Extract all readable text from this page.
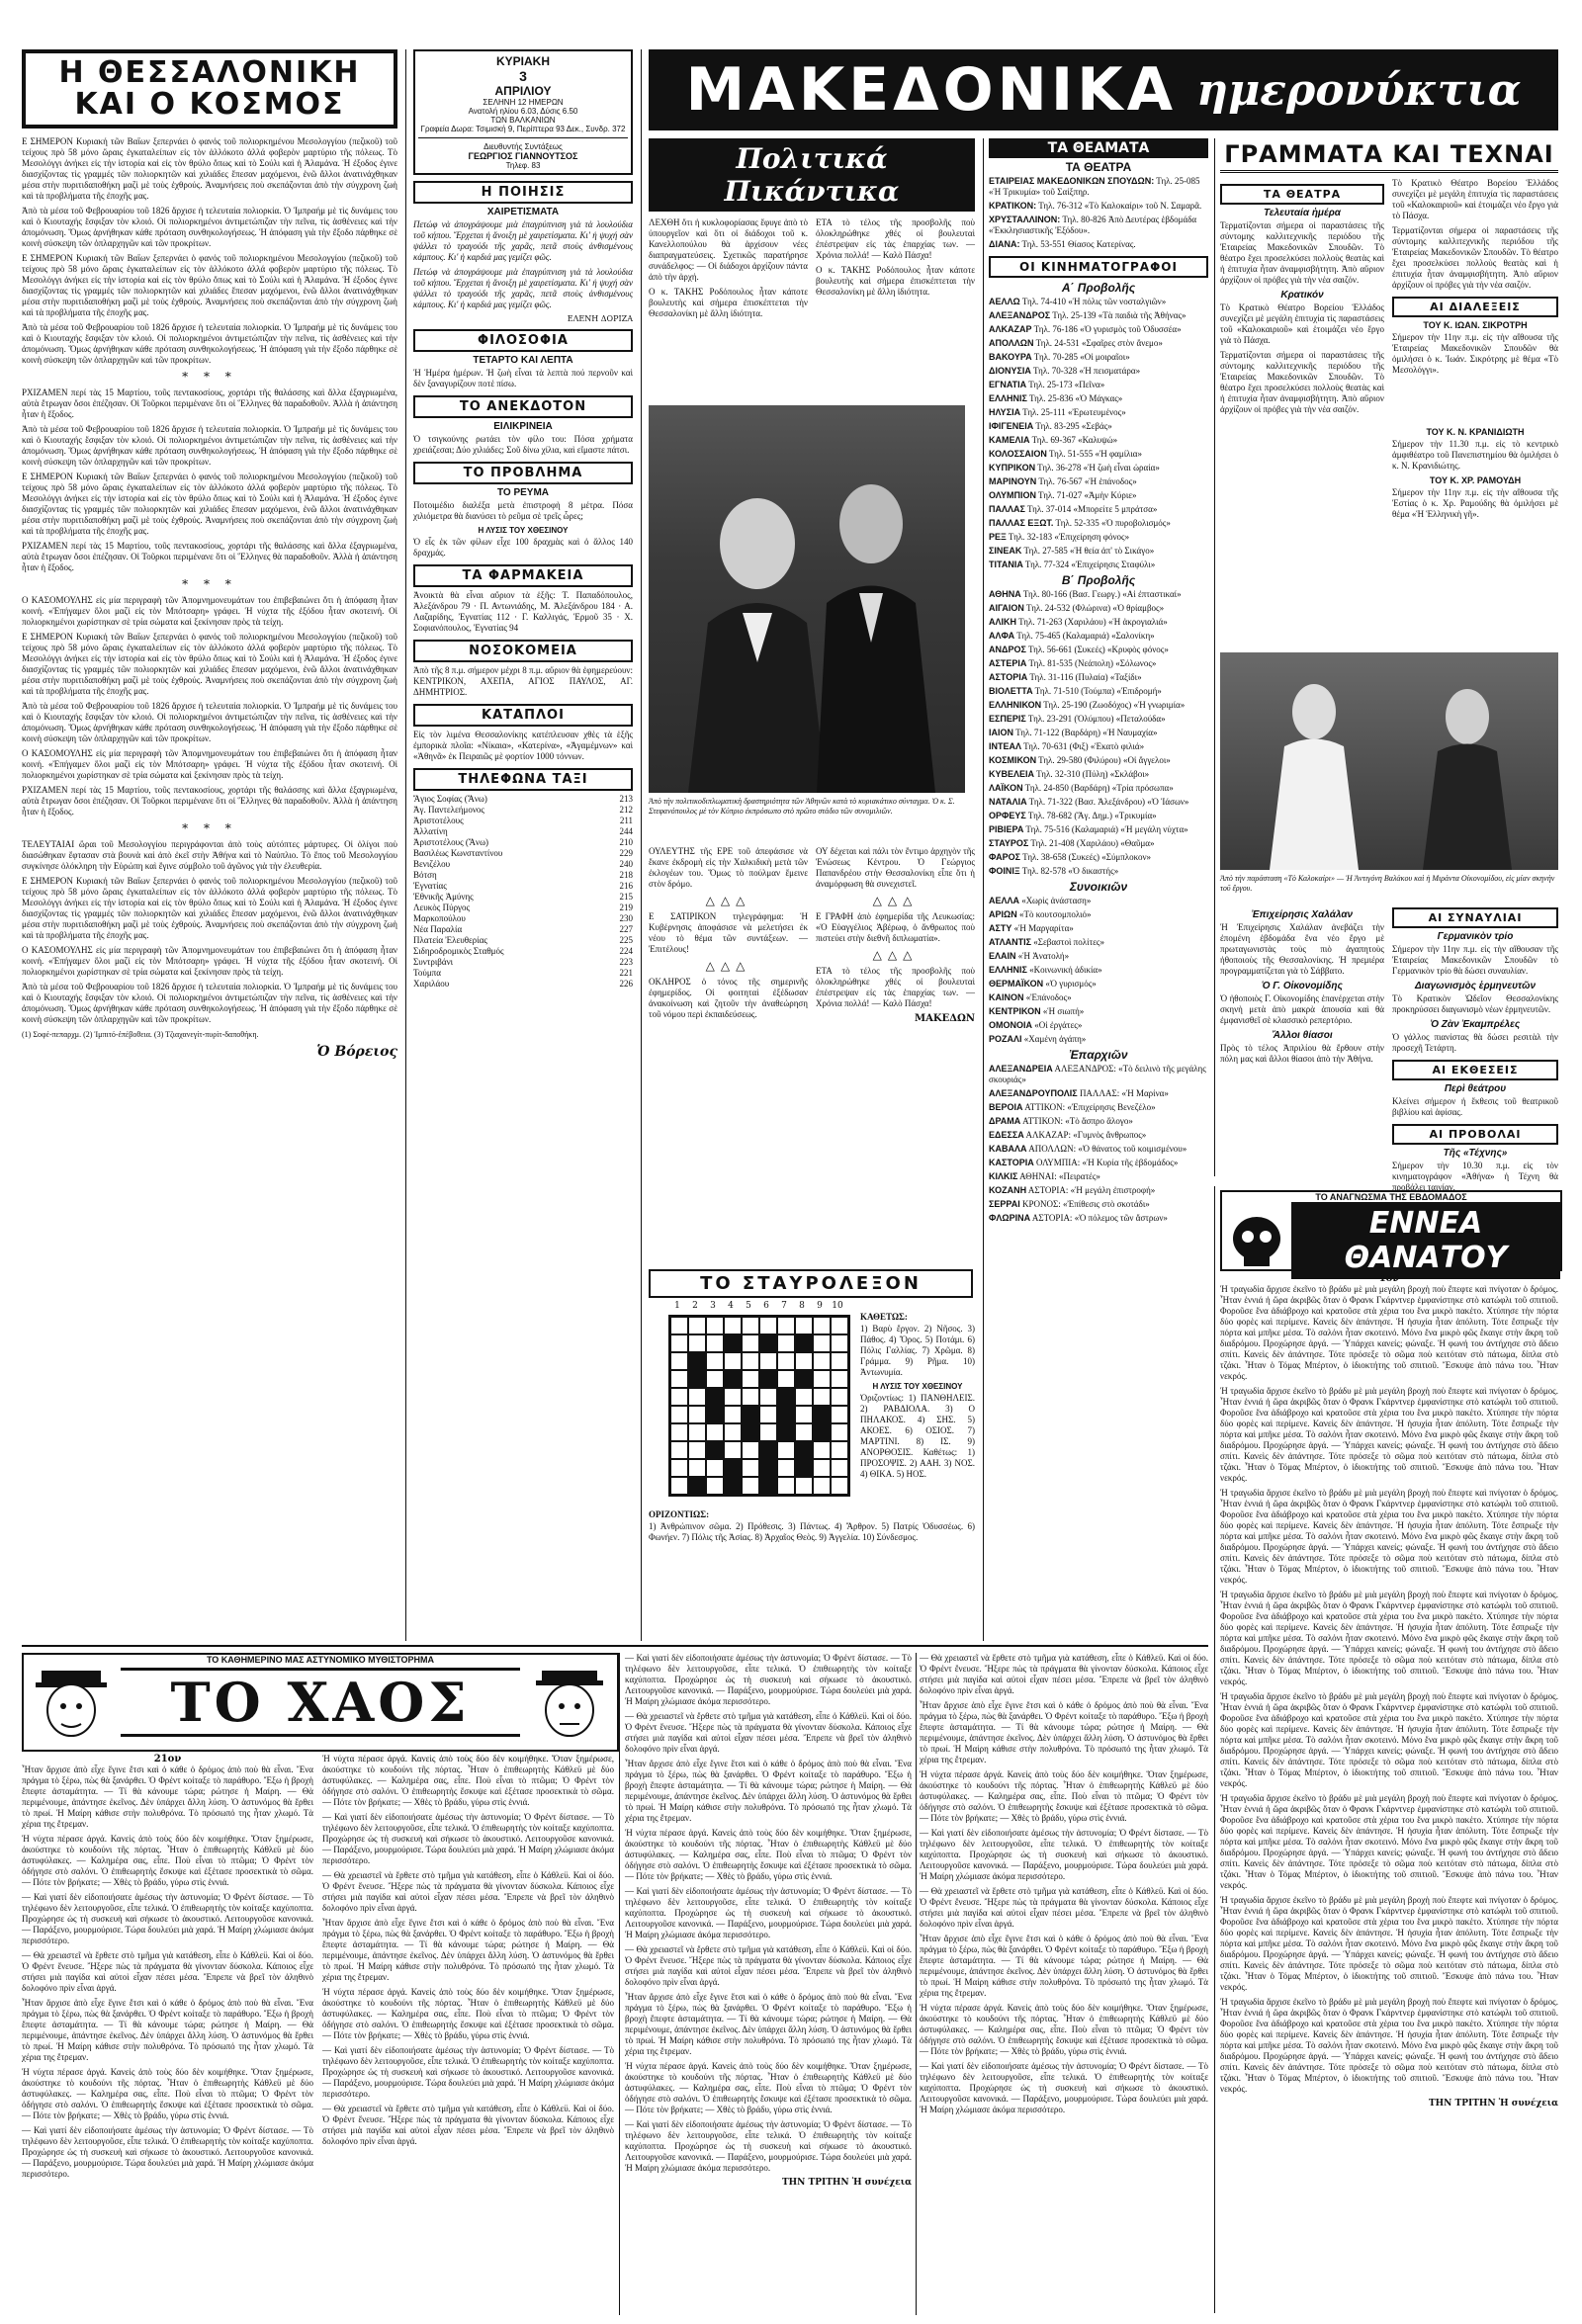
Η ΘΕΣΣΑΛΟΝΙΚΗ
ΚΑΙ Ο ΚΟΣΜΟΣ

Ε ΣΗΜΕΡΟΝ Κυριακή τῶν Βαΐων ξεπερνάει ὁ φανός τοῦ πολιορκημένου Μεσολογγίου (πεζικοῦ) τοῦ τείχους πρὸ 58 μόνο ὥραις ἐγκαταλείπων εἰς τὸν ἀλλόκοτο ἀλλά φοβερὸν μαρτύριο τῆς πόλεως. Τὸ Μεσολόγγι ἀνήκει εἰς τὴν ἱστορία καὶ εἰς τὸν θρύλο ὅπως καὶ τὸ Σούλι καὶ ἡ Ἀλαμάνα. Ἡ ἐξοδος ἐγινε διασχίζοντας τὶς γραμμές τῶν πολιορκητῶν καὶ χιλιάδες ἔπεσαν μαχόμενοι, ἐνῶ ἄλλοι ἀνατινάχθηκαν μέσα στὴν πυριτιδαποθήκη μαζὶ μὲ τοὺς ἐχθρούς. Ἀναμνήσεις ποὺ σκεπάζονται ἀπὸ τὴν σύγχρονη ζωὴ καὶ τὰ προβλήματα τῆς ἐποχῆς μας.

Ἀπὸ τὰ μέσα τοῦ Φεβρουαρίου τοῦ 1826 ἄρχισε ἡ τελευταία πολιορκία. Ὁ Ἰμπραήμ μὲ τὶς δυνάμεις του καὶ ὁ Κιουταχής ἔσφιξαν τὸν κλοιό. Οἱ πολιορκημένοι ἀντιμετώπιζαν τὴν πεῖνα, τὶς ἀσθένειες καὶ τὴν ἀπομόνωση. Ὅμως ἀρνήθηκαν κάθε πρόταση συνθηκολογήσεως. Ἡ ἀπόφαση γιὰ τὴν ἔξοδο πάρθηκε σὲ κοινὴ σύσκεψη τῶν ὁπλαρχηγῶν καὶ τῶν προκρίτων.

Ε ΣΗΜΕΡΟΝ Κυριακή τῶν Βαΐων ξεπερνάει ὁ φανός τοῦ πολιορκημένου Μεσολογγίου (πεζικοῦ) τοῦ τείχους πρὸ 58 μόνο ὥραις ἐγκαταλείπων εἰς τὸν ἀλλόκοτο ἀλλά φοβερὸν μαρτύριο τῆς πόλεως. Τὸ Μεσολόγγι ἀνήκει εἰς τὴν ἱστορία καὶ εἰς τὸν θρύλο ὅπως καὶ τὸ Σούλι καὶ ἡ Ἀλαμάνα. Ἡ ἐξοδος ἐγινε διασχίζοντας τὶς γραμμές τῶν πολιορκητῶν καὶ χιλιάδες ἔπεσαν μαχόμενοι, ἐνῶ ἄλλοι ἀνατινάχθηκαν μέσα στὴν πυριτιδαποθήκη μαζὶ μὲ τοὺς ἐχθρούς. Ἀναμνήσεις ποὺ σκεπάζονται ἀπὸ τὴν σύγχρονη ζωὴ καὶ τὰ προβλήματα τῆς ἐποχῆς μας.

Ἀπὸ τὰ μέσα τοῦ Φεβρουαρίου τοῦ 1826 ἄρχισε ἡ τελευταία πολιορκία. Ὁ Ἰμπραήμ μὲ τὶς δυνάμεις του καὶ ὁ Κιουταχής ἔσφιξαν τὸν κλοιό. Οἱ πολιορκημένοι ἀντιμετώπιζαν τὴν πεῖνα, τὶς ἀσθένειες καὶ τὴν ἀπομόνωση. Ὅμως ἀρνήθηκαν κάθε πρόταση συνθηκολογήσεως. Ἡ ἀπόφαση γιὰ τὴν ἔξοδο πάρθηκε σὲ κοινὴ σύσκεψη τῶν ὁπλαρχηγῶν καὶ τῶν προκρίτων.

* * *

ΡΧΙΖΑΜΕΝ περί τὰς 15 Μαρτίου, τοῦς πεντακοσίους, χορτάρι τῆς θαλάσσης καὶ ἄλλα ἐξαγριωμένα, αὐτὰ ἔτρωγαν ὅσοι ἐπέζησαν. Οἱ Τοῦρκοι περιμένανε ὅτι οἱ Ἕλληνες θὰ παραδοθοῦν. Ἀλλὰ ἡ ἀπάντηση ἦταν ἡ ἔξοδος.

Ἀπὸ τὰ μέσα τοῦ Φεβρουαρίου τοῦ 1826 ἄρχισε ἡ τελευταία πολιορκία. Ὁ Ἰμπραήμ μὲ τὶς δυνάμεις του καὶ ὁ Κιουταχής ἔσφιξαν τὸν κλοιό. Οἱ πολιορκημένοι ἀντιμετώπιζαν τὴν πεῖνα, τὶς ἀσθένειες καὶ τὴν ἀπομόνωση. Ὅμως ἀρνήθηκαν κάθε πρόταση συνθηκολογήσεως. Ἡ ἀπόφαση γιὰ τὴν ἔξοδο πάρθηκε σὲ κοινὴ σύσκεψη τῶν ὁπλαρχηγῶν καὶ τῶν προκρίτων.

Ε ΣΗΜΕΡΟΝ Κυριακή τῶν Βαΐων ξεπερνάει ὁ φανός τοῦ πολιορκημένου Μεσολογγίου (πεζικοῦ) τοῦ τείχους πρὸ 58 μόνο ὥραις ἐγκαταλείπων εἰς τὸν ἀλλόκοτο ἀλλά φοβερὸν μαρτύριο τῆς πόλεως. Τὸ Μεσολόγγι ἀνήκει εἰς τὴν ἱστορία καὶ εἰς τὸν θρύλο ὅπως καὶ τὸ Σούλι καὶ ἡ Ἀλαμάνα. Ἡ ἐξοδος ἐγινε διασχίζοντας τὶς γραμμές τῶν πολιορκητῶν καὶ χιλιάδες ἔπεσαν μαχόμενοι, ἐνῶ ἄλλοι ἀνατινάχθηκαν μέσα στὴν πυριτιδαποθήκη μαζὶ μὲ τοὺς ἐχθρούς. Ἀναμνήσεις ποὺ σκεπάζονται ἀπὸ τὴν σύγχρονη ζωὴ καὶ τὰ προβλήματα τῆς ἐποχῆς μας.

ΡΧΙΖΑΜΕΝ περί τὰς 15 Μαρτίου, τοῦς πεντακοσίους, χορτάρι τῆς θαλάσσης καὶ ἄλλα ἐξαγριωμένα, αὐτὰ ἔτρωγαν ὅσοι ἐπέζησαν. Οἱ Τοῦρκοι περιμένανε ὅτι οἱ Ἕλληνες θὰ παραδοθοῦν. Ἀλλὰ ἡ ἀπάντηση ἦταν ἡ ἔξοδος.

* * *

Ο ΚΑΣΟΜΟΥΛΗΣ εἰς μία περιγραφὴ τῶν Ἀπομνημονευμάτων του ἐπιβεβαιώνει ὅτι ἡ ἀπόφαση ἦταν κοινή. «Ἐπήγαμεν ὅλοι μαζὶ εἰς τὸν Μπότσαρη» γράφει. Ἡ νύχτα τῆς ἐξόδου ἦταν σκοτεινή. Οἱ πολιορκημένοι χωρίστηκαν σὲ τρία σώματα καὶ ξεκίνησαν πρὸς τὰ τείχη.

Ε ΣΗΜΕΡΟΝ Κυριακή τῶν Βαΐων ξεπερνάει ὁ φανός τοῦ πολιορκημένου Μεσολογγίου (πεζικοῦ) τοῦ τείχους πρὸ 58 μόνο ὥραις ἐγκαταλείπων εἰς τὸν ἀλλόκοτο ἀλλά φοβερὸν μαρτύριο τῆς πόλεως. Τὸ Μεσολόγγι ἀνήκει εἰς τὴν ἱστορία καὶ εἰς τὸν θρύλο ὅπως καὶ τὸ Σούλι καὶ ἡ Ἀλαμάνα. Ἡ ἐξοδος ἐγινε διασχίζοντας τὶς γραμμές τῶν πολιορκητῶν καὶ χιλιάδες ἔπεσαν μαχόμενοι, ἐνῶ ἄλλοι ἀνατινάχθηκαν μέσα στὴν πυριτιδαποθήκη μαζὶ μὲ τοὺς ἐχθρούς. Ἀναμνήσεις ποὺ σκεπάζονται ἀπὸ τὴν σύγχρονη ζωὴ καὶ τὰ προβλήματα τῆς ἐποχῆς μας.

Ἀπὸ τὰ μέσα τοῦ Φεβρουαρίου τοῦ 1826 ἄρχισε ἡ τελευταία πολιορκία. Ὁ Ἰμπραήμ μὲ τὶς δυνάμεις του καὶ ὁ Κιουταχής ἔσφιξαν τὸν κλοιό. Οἱ πολιορκημένοι ἀντιμετώπιζαν τὴν πεῖνα, τὶς ἀσθένειες καὶ τὴν ἀπομόνωση. Ὅμως ἀρνήθηκαν κάθε πρόταση συνθηκολογήσεως. Ἡ ἀπόφαση γιὰ τὴν ἔξοδο πάρθηκε σὲ κοινὴ σύσκεψη τῶν ὁπλαρχηγῶν καὶ τῶν προκρίτων.

Ο ΚΑΣΟΜΟΥΛΗΣ εἰς μία περιγραφὴ τῶν Ἀπομνημονευμάτων του ἐπιβεβαιώνει ὅτι ἡ ἀπόφαση ἦταν κοινή. «Ἐπήγαμεν ὅλοι μαζὶ εἰς τὸν Μπότσαρη» γράφει. Ἡ νύχτα τῆς ἐξόδου ἦταν σκοτεινή. Οἱ πολιορκημένοι χωρίστηκαν σὲ τρία σώματα καὶ ξεκίνησαν πρὸς τὰ τείχη.

ΡΧΙΖΑΜΕΝ περί τὰς 15 Μαρτίου, τοῦς πεντακοσίους, χορτάρι τῆς θαλάσσης καὶ ἄλλα ἐξαγριωμένα, αὐτὰ ἔτρωγαν ὅσοι ἐπέζησαν. Οἱ Τοῦρκοι περιμένανε ὅτι οἱ Ἕλληνες θὰ παραδοθοῦν. Ἀλλὰ ἡ ἀπάντηση ἦταν ἡ ἔξοδος.

* * *

ΤΕΛΕΥΤΑΙΑΙ ὥραι τοῦ Μεσολογγίου περιγράφονται ἀπὸ τοὺς αὐτόπτες μάρτυρες. Οἱ ὀλίγοι ποὺ διασώθηκαν ἔφτασαν στὰ βουνὰ καὶ ἀπὸ ἐκεῖ στὴν Ἀθήνα καὶ τὸ Ναύπλιο. Τὸ ἔπος τοῦ Μεσολογγίου συγκίνησε ὁλόκληρη τὴν Εὐρώπη καὶ ἔγινε σύμβολο τοῦ ἀγῶνος γιὰ τὴν ἐλευθερία.

Ε ΣΗΜΕΡΟΝ Κυριακή τῶν Βαΐων ξεπερνάει ὁ φανός τοῦ πολιορκημένου Μεσολογγίου (πεζικοῦ) τοῦ τείχους πρὸ 58 μόνο ὥραις ἐγκαταλείπων εἰς τὸν ἀλλόκοτο ἀλλά φοβερὸν μαρτύριο τῆς πόλεως. Τὸ Μεσολόγγι ἀνήκει εἰς τὴν ἱστορία καὶ εἰς τὸν θρύλο ὅπως καὶ τὸ Σούλι καὶ ἡ Ἀλαμάνα. Ἡ ἐξοδος ἐγινε διασχίζοντας τὶς γραμμές τῶν πολιορκητῶν καὶ χιλιάδες ἔπεσαν μαχόμενοι, ἐνῶ ἄλλοι ἀνατινάχθηκαν μέσα στὴν πυριτιδαποθήκη μαζὶ μὲ τοὺς ἐχθρούς. Ἀναμνήσεις ποὺ σκεπάζονται ἀπὸ τὴν σύγχρονη ζωὴ καὶ τὰ προβλήματα τῆς ἐποχῆς μας.

Ο ΚΑΣΟΜΟΥΛΗΣ εἰς μία περιγραφὴ τῶν Ἀπομνημονευμάτων του ἐπιβεβαιώνει ὅτι ἡ ἀπόφαση ἦταν κοινή. «Ἐπήγαμεν ὅλοι μαζὶ εἰς τὸν Μπότσαρη» γράφει. Ἡ νύχτα τῆς ἐξόδου ἦταν σκοτεινή. Οἱ πολιορκημένοι χωρίστηκαν σὲ τρία σώματα καὶ ξεκίνησαν πρὸς τὰ τείχη.

Ἀπὸ τὰ μέσα τοῦ Φεβρουαρίου τοῦ 1826 ἄρχισε ἡ τελευταία πολιορκία. Ὁ Ἰμπραήμ μὲ τὶς δυνάμεις του καὶ ὁ Κιουταχής ἔσφιξαν τὸν κλοιό. Οἱ πολιορκημένοι ἀντιμετώπιζαν τὴν πεῖνα, τὶς ἀσθένειες καὶ τὴν ἀπομόνωση. Ὅμως ἀρνήθηκαν κάθε πρόταση συνθηκολογήσεως. Ἡ ἀπόφαση γιὰ τὴν ἔξοδο πάρθηκε σὲ κοινὴ σύσκεψη τῶν ὁπλαρχηγῶν καὶ τῶν προκρίτων.

(1) Σοφέ-πεπαρχμ. (2) Ἱμπιτό-ἐπέβοθεια. (3) Τζιαχανεγίτ-πυρὶτ-δαποθήκη.

Ὁ Βόρειος
ΚΥΡΙΑΚΗ
3
ΑΠΡΙΛΙΟΥ
ΣΕΛΗΝΗ 12 ΗΜΕΡΩΝ
Ανατολή ηλίου 6.03, Δύσις 6.50
ΤΩΝ ΒΑΛΚΑΝΙΩΝ
Γραφεία Δωρα: Τσιμισκή 9, Περίπτερα 93 Δεκ., Συνδρ. 372
Διευθυντής Συντάξεως
ΓΕΩΡΓΙΟΣ ΓΙΑΝΝΟΥΤΣΟΣ
Τηλεφ. 83
Η ΠΟΙΗΣΙΣ
ΧΑΙΡΕΤΙΣΜΑΤΑ

Πετώφ νὰ ἀπογράψουμε μιὰ ἐπαγρύπνιση γιὰ τὰ λουλούδια τοῦ κήπου. Ἔρχεται ἡ ἄνοιξη μὲ χαιρετίσματα. Κι' ἡ ψυχή σὰν ψάλλει τὸ τραγούδι τῆς χαρᾶς, πετᾶ στοὺς ἀνθισμένους κάμπους. Κι' ἡ καρδιά μας γεμίζει φῶς.

Πετώφ νὰ ἀπογράψουμε μιὰ ἐπαγρύπνιση γιὰ τὰ λουλούδια τοῦ κήπου. Ἔρχεται ἡ ἄνοιξη μὲ χαιρετίσματα. Κι' ἡ ψυχή σὰν ψάλλει τὸ τραγούδι τῆς χαρᾶς, πετᾶ στοὺς ἀνθισμένους κάμπους. Κι' ἡ καρδιά μας γεμίζει φῶς.

ΕΛΕΝΗ ΔΟΡΙΖΑ
ΦΙΛΟΣΟΦΙΑ
ΤΕΤΑΡΤΟ ΚΑΙ ΛΕΠΤΑ

Ἡ Ἡμέρα ἡμέρων. Ἡ ζωὴ εἶναι τὰ λεπτὰ πού περνοῦν καὶ δὲν ξαναγυρίζουν ποτέ πίσω.

ΤΟ ΑΝΕΚΔΟΤΟΝ
ΕΙΛΙΚΡΙΝΕΙΑ

Ὁ τσιγκούνης ρωτάει τὸν φίλο του: Πόσα χρήματα χρειάζεσαι; Δύο χιλιάδες; Σοῦ δίνω χίλια, καὶ εἴμαστε πάτσι.

ΤΟ ΠΡΟΒΛΗΜΑ
ΤΟ ΡΕΥΜΑ

Ποτοιμέδιο διαλέξα μετὰ ἐπιστροφὴ 8 μέτρα. Πόσα χιλιόμετρα θὰ διανύσει τὸ ρεῦμα σὲ τρεῖς ὧρες;

Η ΛΥΣΙΣ ΤΟΥ ΧΘΕΣΙΝΟΥ

Ὁ εἷς ἐκ τῶν φίλων εἶχε 100 δραχμὰς καὶ ὁ ἄλλος 140 δραχμάς.

ΤΑ ΦΑΡΜΑΚΕΙΑ

Ἀνοικτὰ θὰ εἶναι αὔριον τὰ ἑξῆς: Τ. Παπαδόπουλος, Ἀλεξάνδρου 79 · Π. Αντωνιάδης, Μ. Ἀλεξάνδρου 184 · Α. Λαζαρίδης, Ἐγνατίας 112 · Γ. Καλλιγάς, Ἑρμοῦ 35 · Χ. Σοφιανόπουλος, Ἐγνατίας 94

ΝΟΣΟΚΟΜΕΙΑ

Ἀπὸ τῆς 8 π.μ. σήμερον μέχρι 8 π.μ. αὔριον θὰ ἐφημερεύουν: ΚΕΝΤΡΙΚΟΝ, ΑΧΕΠΑ, ΑΓΙΟΣ ΠΑΥΛΟΣ, ΑΓ. ΔΗΜΗΤΡΙΟΣ.

ΚΑΤΑΠΛΟΙ

Εἰς τὸν λιμένα Θεσσαλονίκης κατέπλευσαν χθὲς τὰ ἑξῆς ἐμπορικὰ πλοῖα: «Νίκαια», «Κατερίνα», «Ἀγαμέμνων» καὶ «Ἀθηνᾶ» ἐκ Πειραιῶς μὲ φορτίον 1000 τόννων.

ΤΗΛΕΦΩΝΑ ΤΑΞΙ
Ἅγιος Σοφίας (Ἄνω)	213
Ἀγ. Παντελεήμονος	212
Ἀριστοτέλους	211
Ἀλλατίνη	244
Ἀριστοτέλους (Ἄνω)	210
Βασιλέως Κωνσταντίνου	229
Βενιζέλου	240
Βότση	218
Ἐγνατίας	216
Ἐθνικῆς Ἀμύνης	215
Λευκὸς Πύργος	219
Μαρκοπούλου	230
Νέα Παραλία	227
Πλατεία Ἐλευθερίας	225
Σιδηροδρομικὸς Σταθμός	224
Συντριβάνι	223
Τούμπα	221
Χαριλάου	226
ΜΑΚΕΔΟΝΙΚΑ ημερονύκτια
Πολιτικά Πικάντικα

ΛΕΧΘΗ ὅτι ἡ κυκλοφορίασας ἔφυγε ἀπὸ τὸ ὑπουργεῖον καὶ ὅτι οἱ διάδοχοι τοῦ κ. Κανελλοπούλου θὰ ἀρχίσουν νέες διαπραγματεύσεις. Σχετικῶς παρατήρησε συνάδελφος: — Οἱ διάδοχοι ἀρχίζουν πάντα ἀπὸ τὴν ἀρχή.

Ο κ. ΤΑΚΗΣ Ροδόπουλος ἦταν κάποτε βουλευτὴς καὶ σήμερα ἐπισκέπτεται τὴν Θεσσαλονίκη μὲ ἄλλη ἰδιότητα.

ΕΤΑ τὸ τέλος τῆς προσβολῆς ποὺ ὁλοκληρώθηκε χθές οἱ βουλευταὶ ἐπέστρεψαν εἰς τὰς ἐπαρχίας των. — Χρόνια πολλά! — Καλὸ Πάσχα!

Ο κ. ΤΑΚΗΣ Ροδόπουλος ἦταν κάποτε βουλευτὴς καὶ σήμερα ἐπισκέπτεται τὴν Θεσσαλονίκη μὲ ἄλλη ἰδιότητα.

Ἀπὸ τὴν πολιτικοδιπλωματικὴ δραστηριότητα τῶν Ἀθηνῶν κατὰ τὸ κυριακάτικο σύνταγμα. Ὁ κ. Σ. Στεφανόπουλος μὲ τὸν Κύπριο ἐκπρόσωπο στὸ πρῶτο στάδιο τῶν συνομιλιῶν.

ΟΥΛΕΥΤΗΣ τῆς ΕΡΕ τοῦ ἀπεφάσισε νὰ ἔκανε ἐκδρομὴ εἰς τὴν Χαλκιδικὴ μετὰ τῶν ἐκλογέων του. Ὅμως τὸ πούλμαν ἔμεινε στὸν δρόμο.

△△△

Ε ΣΑΤΙΡΙΚΟΝ τηλεγράφημα: Ἡ Κυβέρνησις ἀποφάσισε νὰ μελετήσει ἐκ νέου τὸ θέμα τῶν συντάξεων. — Ἐπιτέλους!

△△△

ΟΚΛΗΡΟΣ ὁ τόνος τῆς σημερινῆς ἐφημερίδος. Οἱ φοιτηταὶ ἐξέδωσαν ἀνακοίνωση καὶ ζητοῦν τὴν ἀναθεώρηση τοῦ νόμου περὶ ἐκπαιδεύσεως.

ΟΥ δέχεται καὶ πάλι τὸν ἔντιμο ἀρχηγὸν τῆς Ἑνώσεως Κέντρου. Ὁ Γεώργιος Παπανδρέου στὴν Θεσσαλονίκη εἶπε ὅτι ἡ ἀναμόρφωση θὰ συνεχιστεῖ.

△△△

Ε ΓΡΑΦΗ ἀπὸ ἐφημερίδα τῆς Λευκωσίας: «Ὁ Εὐαγγέλιος Ἀβέρωφ, ὁ ἄνθρωπος ποὺ πιστεύει στὴν διεθνῆ διπλωματία».

△△△

ΕΤΑ τὸ τέλος τῆς προσβολῆς ποὺ ὁλοκληρώθηκε χθές οἱ βουλευταὶ ἐπέστρεψαν εἰς τὰς ἐπαρχίας των. — Χρόνια πολλά! — Καλὸ Πάσχα!

ΜΑΚΕΔΩΝ
ΤΟ ΣΤΑΥΡΟΛΕΞΟΝ
1	2	3	4	5	6	7	8	9	10
ΟΡΙΖΟΝΤΙΩΣ:

1) Ἀνθρώπινον σῶμα. 2) Πρόθεσις. 3) Πάντως. 4) Ἄρθρον. 5) Πατρίς Ὀδυσσέως. 6) Φωνήεν. 7) Πόλις τῆς Ἀσίας. 8) Ἀρχαῖος Θεὸς. 9) Ἀγγελία. 10) Σύνδεσμος.

ΚΑΘΕΤΩΣ:

1) Βαρὺ ἔργον. 2) Νῆσος. 3) Πάθος. 4) Ὄρος. 5) Ποτάμι. 6) Πόλις Γαλλίας. 7) Χρῶμα. 8) Γράμμα. 9) Ρῆμα. 10) Ἀντωνυμία.

Η ΛΥΣΙΣ ΤΟΥ ΧΘΕΣΙΝΟΥ

Ὁριζοντίως: 1) ΠΑΝΘΗΛΕΙΣ. 2) ΡΑΒΔΙΟΛΑ. 3) Ο ΠΗΛΑΚΟΣ. 4) ΣΗΣ. 5) ΑΚΟΕΣ. 6) ΟΣΙΟΣ. 7) ΜΑΡΤΙΝΙ. 8) ΙΣ. 9) ΑΝΟΡΘΟΣΙΣ. Καθέτως: 1) ΠΡΟΣΟΨΙΣ. 2) ΑΑΗ. 3) ΝΟΣ. 4) ΘΙΚΑ. 5) ΗΟΣ.

ΤΑ ΘΕΑΜΑΤΑ
ΤΑ ΘΕΑΤΡΑ

ΕΤΑΙΡΕΙΑΣ ΜΑΚΕΔΟΝΙΚΩΝ ΣΠΟΥΔΩΝ: Τηλ. 25-085 «Ἡ Τρικυμία» τοῦ Σαίξπηρ.

ΚΡΑΤΙΚΟΝ: Τηλ. 76-312 «Τὸ Καλοκαίρι» τοῦ Ν. Σαμαρᾶ.

ΧΡΥΣΤΑΛΛΙΝΟΝ: Τηλ. 80-826 Ἀπὸ Δευτέρας ἑβδομάδα «Ἐκκλησιαστικῆς Ἐξόδου».

ΔΙΑΝΑ: Τηλ. 53-551 Θίασος Κατερίνας.

ΟΙ ΚΙΝΗΜΑΤΟΓΡΑΦΟΙ
Α΄ Προβολῆς

ΑΕΛΛΩ Τηλ. 74-410 «Ἡ πόλις τῶν νοσταλγιῶν»

ΑΛΕΞΑΝΔΡΟΣ Τηλ. 25-139 «Τὰ παιδιὰ τῆς Ἀθήνας»

ΑΛΚΑΖΑΡ Τηλ. 76-186 «Ὁ γυρισμὸς τοῦ Ὀδυσσέα»

ΑΠΟΛΛΩΝ Τηλ. 24-531 «Σφαῖρες στὸν ἄνεμο»

ΒΑΚΟΥΡΑ Τηλ. 70-285 «Οἱ μοιραῖοι»

ΔΙΟΝΥΣΙΑ Τηλ. 70-328 «Ἡ πεισματάρα»

ΕΓΝΑΤΙΑ Τηλ. 25-173 «Πεῖνα»

ΕΛΛΗΝΙΣ Τηλ. 25-836 «Ὁ Μάγκας»

ΗΛΥΣΙΑ Τηλ. 25-111 «Ἐρωτευμένος»

ΙΦΙΓΕΝΕΙΑ Τηλ. 83-295 «Σεβάς»

ΚΑΜΕΛΙΑ Τηλ. 69-367 «Καλυψώ»

ΚΟΛΟΣΣΑΙΟΝ Τηλ. 51-555 «Ἡ φαμίλια»

ΚΥΠΡΙΚΟΝ Τηλ. 36-278 «Ἡ ζωὴ εἶναι ὡραία»

ΜΑΡΙΝΟΥΝ Τηλ. 76-567 «Ἡ ἐπάνοδος»

ΟΛΥΜΠΙΟΝ Τηλ. 71-027 «Ἀμὴν Κύριε»

ΠΑΛΛΑΣ Τηλ. 37-014 «Μπορείτε 5 μπράτσα»

ΠΑΛΛΑΣ ΕΞΩΤ. Τηλ. 52-335 «Ὁ πυροβολισμός»

ΡΕΞ Τηλ. 32-183 «Ἐπιχείρηση φόνος»

ΣΙΝΕΑΚ Τηλ. 27-585 «Ἡ θεία ἀπ' τὸ Σικάγο»

ΤΙΤΑΝΙΑ Τηλ. 77-324 «Ἐπιχείρησις Σταφύλι»

Β΄ Προβολῆς

ΑΘΗΝΑ Τηλ. 80-166 (Βασ. Γεωργ.) «Αἱ ἐπταστικαί»

ΑΙΓΑΙΟΝ Τηλ. 24-532 (Φλώρινα) «Ὁ θρίαμβος»

ΑΛΙΚΗ Τηλ. 71-263 (Χαριλάου) «Ἡ ἀκρογιαλιά»

ΑΛΦΑ Τηλ. 75-465 (Καλαμαριά) «Σαλονίκη»

ΑΝΔΡΟΣ Τηλ. 56-661 (Συκεές) «Κρυφὸς φόνος»

ΑΣΤΕΡΙΑ Τηλ. 81-535 (Νεάπολη) «Σόλωνος»

ΑΣΤΟΡΙΑ Τηλ. 31-116 (Πυλαία) «Ταξίδι»

ΒΙΟΛΕΤΤΑ Τηλ. 71-510 (Τούμπα) «Ἐπιδρομή»

ΕΛΛΗΝΙΚΟΝ Τηλ. 25-190 (Ζωοδόχος) «Ἡ γνωριμία»

ΕΣΠΕΡΙΣ Τηλ. 23-291 (Ὀλύμπου) «Πεταλούδα»

ΙΑΙΟΝ Τηλ. 71-122 (Βαρδάρη) «Ἡ Ναυμαχία»

ΙΝΤΕΑΛ Τηλ. 70-631 (Φιξ) «Ἑκατὸ φιλιά»

ΚΟΣΜΙΚΟΝ Τηλ. 29-580 (Φιλύρου) «Οἱ ἄγγελοι»

ΚΥΒΕΛΕΙΑ Τηλ. 32-310 (Πύλη) «Σκλάβοι»

ΛΑΪΚΟΝ Τηλ. 24-850 (Βαρδάρη) «Τρία πρόσωπα»

ΝΑΤΑΛΙΑ Τηλ. 71-322 (Βασ. Ἀλεξάνδρου) «Ὁ Ἰάσων»

ΟΡΦΕΥΣ Τηλ. 78-682 (Ἅγ. Δημ.) «Τρικυμία»

ΡΙΒΙΕΡΑ Τηλ. 75-516 (Καλαμαριά) «Ἡ μεγάλη νύχτα»

ΣΤΑΥΡΟΣ Τηλ. 21-408 (Χαριλάου) «Θαῦμα»

ΦΑΡΟΣ Τηλ. 38-658 (Συκεές) «Σύμπλοκον»

ΦΟΙΝΙΞ Τηλ. 82-578 «Ὁ δικαστής»

Συνοικιῶν

ΑΕΛΛΑ «Χωρὶς ἀνάσταση»

ΑΡΙΩΝ «Τὸ κουτσομπολιό»

ΑΣΤΥ «Ἡ Μαργαρίτα»

ΑΤΛΑΝΤΙΣ «Σεβαστοὶ πολίτες»

ΕΛΑΙΝ «Ἡ Ἀνατολή»

ΕΛΛΗΝΙΣ «Κοινωνική ἀδικία»

ΘΕΡΜΑΪΚΟΝ «Ὁ γυρισμός»

ΚΑΙΝΟΝ «Ἐπάνοδος»

ΚΕΝΤΡΙΚΟΝ «Ἡ σιωπή»

ΟΜΟΝΟΙΑ «Οἱ ἐργάτες»

ΡΟΖΑΛΙ «Χαμένη ἀγάπη»

Ἐπαρχιῶν

ΑΛΕΞΑΝΔΡΕΙΑ ΑΛΕΞΑΝΔΡΟΣ: «Τὸ δειλινὸ τῆς μεγάλης σκουριάς»

ΑΛΕΞΑΝΔΡΟΥΠΟΛΙΣ ΠΑΛΛΑΣ: «Ἡ Μαρίνα»

ΒΕΡΟΙΑ ΑΤΤΙΚΟΝ: «Ἐπιχείρησις Βενεζέλο»

ΔΡΑΜΑ ΑΤΤΙΚΟΝ: «Τὸ ἄσπρο ἄλογο»

ΕΔΕΣΣΑ ΑΛΚΑΖΑΡ: «Γυμνὸς ἄνθρωπος»

ΚΑΒΑΛΑ ΑΠΟΛΛΩΝ: «Ὁ θάνατος τοῦ κοιμισμένου»

ΚΑΣΤΟΡΙΑ ΟΛΥΜΠΙΑ: «Ἡ Κυρία τῆς ἑβδομάδος»

ΚΙΛΚΙΣ ΑΘΗΝΑΙ: «Πειρατές»

ΚΟΖΑΝΗ ΑΣΤΟΡΙΑ: «Ἡ μεγάλη ἐπιστροφή»

ΣΕΡΡΑΙ ΚΡΟΝΟΣ: «Ἐπίθεσις στὸ σκοτάδι»

ΦΛΩΡΙΝΑ ΑΣΤΟΡΙΑ: «Ὁ πόλεμος τῶν ἄστρων»

ΓΡΑΜΜΑΤΑ ΚΑΙ ΤΕΧΝΑΙ
ΤΑ ΘΕΑΤΡΑ
Τελευταία ἡμέρα

Τερματίζονται σήμερα οἱ παραστάσεις τῆς σύντομης καλλιτεχνικῆς περιόδου τῆς Ἑταιρείας Μακεδονικῶν Σπουδῶν. Τὸ θέατρο ἔχει προσελκύσει πολλοὺς θεατὰς καὶ ἡ ἐπιτυχία ἦταν ἀναμφισβήτητη. Ἀπὸ αὔριον ἀρχίζουν οἱ πρόβες γιὰ τὴν νέα σαιζόν.

Κρατικόν

Τὸ Κρατικὸ Θέατρο Βορείου Ἑλλάδος συνεχίζει μὲ μεγάλη ἐπιτυχία τὶς παραστάσεις τοῦ «Καλοκαιριοῦ» καὶ ἑτοιμάζει νέο ἔργο γιὰ τὸ Πάσχα.

Τερματίζονται σήμερα οἱ παραστάσεις τῆς σύντομης καλλιτεχνικῆς περιόδου τῆς Ἑταιρείας Μακεδονικῶν Σπουδῶν. Τὸ θέατρο ἔχει προσελκύσει πολλοὺς θεατὰς καὶ ἡ ἐπιτυχία ἦταν ἀναμφισβήτητη. Ἀπὸ αὔριον ἀρχίζουν οἱ πρόβες γιὰ τὴν νέα σαιζόν.

Τὸ Κρατικὸ Θέατρο Βορείου Ἑλλάδος συνεχίζει μὲ μεγάλη ἐπιτυχία τὶς παραστάσεις τοῦ «Καλοκαιριοῦ» καὶ ἑτοιμάζει νέο ἔργο γιὰ τὸ Πάσχα.

Τερματίζονται σήμερα οἱ παραστάσεις τῆς σύντομης καλλιτεχνικῆς περιόδου τῆς Ἑταιρείας Μακεδονικῶν Σπουδῶν. Τὸ θέατρο ἔχει προσελκύσει πολλοὺς θεατὰς καὶ ἡ ἐπιτυχία ἦταν ἀναμφισβήτητη. Ἀπὸ αὔριον ἀρχίζουν οἱ πρόβες γιὰ τὴν νέα σαιζόν.

ΑΙ ΔΙΑΛΕΞΕΙΣ
ΤΟΥ Κ. ΙΩΑΝ. ΣΙΚΡΟΤΡΗ

Σήμερον τὴν 11ην π.μ. εἰς τὴν αἴθουσα τῆς Ἑταιρείας Μακεδονικῶν Σπουδῶν θὰ ὁμιλήσει ὁ κ. Ἰωάν. Σικρότρης μὲ θέμα «Τὸ Μεσολόγγι».

ΤΟΥ Κ. Ν. ΚΡΑΝΙΔΙΩΤΗ

Σήμερον τὴν 11.30 π.μ. εἰς τὸ κεντρικὸ ἀμφιθέατρο τοῦ Πανεπιστημίου θὰ ὁμιλήσει ὁ κ. Ν. Κρανιδιώτης.

ΤΟΥ Κ. ΧΡ. ΡΑΜΟΥΔΗ

Σήμερον τὴν 11ην π.μ. εἰς τὴν αἴθουσα τῆς Ἑστίας ὁ κ. Χρ. Ραμούδης θὰ ὁμιλήσει μὲ θέμα «Ἡ Ἑλληνικὴ γῆ».

Ἀπὸ τὴν παράσταση «Τὸ Καλοκαίρι» — Ἡ Ἀντιγόνη Βαλάκου καὶ ἡ Μιράντα Οἰκονομίδου, εἰς μίαν σκηνὴν τοῦ ἔργου.
Ἐπιχείρησις Χαλάλαν

Ἡ Ἐπιχείρησις Χαλάλαν ἀνεβάζει τὴν ἐπομένη ἑβδομάδα ἕνα νέο ἔργο μὲ πρωταγωνιστὰς τοὺς πιὸ ἀγαπητοὺς ἠθοποιοὺς τῆς Θεσσαλονίκης. Ἡ πρεμιέρα προγραμματίζεται γιὰ τὸ Σάββατο.

Ὁ Γ. Οἰκονομίδης

Ὁ ἠθοποιὸς Γ. Οἰκονομίδης ἐπανέρχεται στὴν σκηνὴ μετὰ ἀπὸ μακρὰ ἀπουσία καὶ θὰ ἐμφανισθεῖ σὲ κλασσικὸ ρεπερτόριο.

Ἄλλοι θίασοι

Πρὸς τὸ τέλος Ἀπριλίου θὰ ἔρθουν στὴν πόλη μας καὶ ἄλλοι θίασοι ἀπὸ τὴν Ἀθήνα.

ΑΙ ΣΥΝΑΥΛΙΑΙ
Γερμανικὸν τρίο

Σήμερον τὴν 11ην π.μ. εἰς τὴν αἴθουσαν τῆς Ἑταιρείας Μακεδονικῶν Σπουδῶν τὸ Γερμανικὸν τρίο θὰ δώσει συναυλίαν.

Διαγωνισμὸς ἑρμηνευτῶν

Τὸ Κρατικὸν Ὠδεῖον Θεσσαλονίκης προκηρύσσει διαγωνισμὸ νέων ἑρμηνευτῶν.

Ὁ Ζὰν Ἐκαμπρέλες

Ὁ γάλλος πιανίστας θὰ δώσει ρεσιτὰλ τὴν προσεχῆ Τετάρτη.

ΑΙ ΕΚΘΕΣΕΙΣ
Περὶ θεάτρου

Κλείνει σήμερον ἡ ἔκθεσις τοῦ θεατρικοῦ βιβλίου καὶ ἀφίσας.

ΑΙ ΠΡΟΒΟΛΑΙ
Τῆς «Τέχνης»

Σήμερον τὴν 10.30 π.μ. εἰς τὸν κινηματογράφον «Ἀθήνα» ἡ Τέχνη θὰ προβάλει ταινίαν.

ΤΟ ΑΝΑΓΝΩΣΜΑ ΤΗΣ ΕΒΔΟΜΑΔΟΣ
ΕΝΝΕΑ ΘΑΝΑΤΟΥ
1ον

Ἡ τραγωδία ἄρχισε ἐκεῖνο τὸ βράδυ μὲ μιὰ μεγάλη βροχὴ ποὺ ἔπεφτε καὶ πνίγοταν ὁ δρόμος. Ἦταν ἑννιά ἡ ὥρα ἀκριβῶς ὅταν ὁ Φρανκ Γκάρντνερ ἐμφανίστηκε στὸ κατώφλι τοῦ σπιτιοῦ. Φοροῦσε ἕνα ἀδιάβροχο καὶ κρατοῦσε στὰ χέρια του ἕνα μικρὸ πακέτο. Χτύπησε τὴν πόρτα δύο φορὲς καὶ περίμενε. Κανεὶς δὲν ἀπάντησε. Ἡ ἡσυχία ἦταν ἀπόλυτη. Τότε ἔσπρωξε τὴν πόρτα καὶ μπῆκε μέσα. Τὸ σαλόνι ἦταν σκοτεινό. Μόνο ἕνα μικρὸ φῶς ἔκαιγε στὴν ἄκρη τοῦ διαδρόμου. Προχώρησε ἀργά. — Ὑπάρχει κανείς; φώναξε. Ἡ φωνή του ἀντήχησε στὸ ἄδειο σπίτι. Κανεὶς δὲν ἀπάντησε. Τότε πρόσεξε τὸ σῶμα ποὺ κειτόταν στὸ πάτωμα, δίπλα στὸ τζάκι. Ἦταν ὁ Τόμας Μπέρτον, ὁ ἰδιοκτήτης τοῦ σπιτιοῦ. Ἔσκυψε ἀπὸ πάνω του. Ἦταν νεκρός.

Ἡ τραγωδία ἄρχισε ἐκεῖνο τὸ βράδυ μὲ μιὰ μεγάλη βροχὴ ποὺ ἔπεφτε καὶ πνίγοταν ὁ δρόμος. Ἦταν ἑννιά ἡ ὥρα ἀκριβῶς ὅταν ὁ Φρανκ Γκάρντνερ ἐμφανίστηκε στὸ κατώφλι τοῦ σπιτιοῦ. Φοροῦσε ἕνα ἀδιάβροχο καὶ κρατοῦσε στὰ χέρια του ἕνα μικρὸ πακέτο. Χτύπησε τὴν πόρτα δύο φορὲς καὶ περίμενε. Κανεὶς δὲν ἀπάντησε. Ἡ ἡσυχία ἦταν ἀπόλυτη. Τότε ἔσπρωξε τὴν πόρτα καὶ μπῆκε μέσα. Τὸ σαλόνι ἦταν σκοτεινό. Μόνο ἕνα μικρὸ φῶς ἔκαιγε στὴν ἄκρη τοῦ διαδρόμου. Προχώρησε ἀργά. — Ὑπάρχει κανείς; φώναξε. Ἡ φωνή του ἀντήχησε στὸ ἄδειο σπίτι. Κανεὶς δὲν ἀπάντησε. Τότε πρόσεξε τὸ σῶμα ποὺ κειτόταν στὸ πάτωμα, δίπλα στὸ τζάκι. Ἦταν ὁ Τόμας Μπέρτον, ὁ ἰδιοκτήτης τοῦ σπιτιοῦ. Ἔσκυψε ἀπὸ πάνω του. Ἦταν νεκρός.

Ἡ τραγωδία ἄρχισε ἐκεῖνο τὸ βράδυ μὲ μιὰ μεγάλη βροχὴ ποὺ ἔπεφτε καὶ πνίγοταν ὁ δρόμος. Ἦταν ἑννιά ἡ ὥρα ἀκριβῶς ὅταν ὁ Φρανκ Γκάρντνερ ἐμφανίστηκε στὸ κατώφλι τοῦ σπιτιοῦ. Φοροῦσε ἕνα ἀδιάβροχο καὶ κρατοῦσε στὰ χέρια του ἕνα μικρὸ πακέτο. Χτύπησε τὴν πόρτα δύο φορὲς καὶ περίμενε. Κανεὶς δὲν ἀπάντησε. Ἡ ἡσυχία ἦταν ἀπόλυτη. Τότε ἔσπρωξε τὴν πόρτα καὶ μπῆκε μέσα. Τὸ σαλόνι ἦταν σκοτεινό. Μόνο ἕνα μικρὸ φῶς ἔκαιγε στὴν ἄκρη τοῦ διαδρόμου. Προχώρησε ἀργά. — Ὑπάρχει κανείς; φώναξε. Ἡ φωνή του ἀντήχησε στὸ ἄδειο σπίτι. Κανεὶς δὲν ἀπάντησε. Τότε πρόσεξε τὸ σῶμα ποὺ κειτόταν στὸ πάτωμα, δίπλα στὸ τζάκι. Ἦταν ὁ Τόμας Μπέρτον, ὁ ἰδιοκτήτης τοῦ σπιτιοῦ. Ἔσκυψε ἀπὸ πάνω του. Ἦταν νεκρός.

Ἡ τραγωδία ἄρχισε ἐκεῖνο τὸ βράδυ μὲ μιὰ μεγάλη βροχὴ ποὺ ἔπεφτε καὶ πνίγοταν ὁ δρόμος. Ἦταν ἑννιά ἡ ὥρα ἀκριβῶς ὅταν ὁ Φρανκ Γκάρντνερ ἐμφανίστηκε στὸ κατώφλι τοῦ σπιτιοῦ. Φοροῦσε ἕνα ἀδιάβροχο καὶ κρατοῦσε στὰ χέρια του ἕνα μικρὸ πακέτο. Χτύπησε τὴν πόρτα δύο φορὲς καὶ περίμενε. Κανεὶς δὲν ἀπάντησε. Ἡ ἡσυχία ἦταν ἀπόλυτη. Τότε ἔσπρωξε τὴν πόρτα καὶ μπῆκε μέσα. Τὸ σαλόνι ἦταν σκοτεινό. Μόνο ἕνα μικρὸ φῶς ἔκαιγε στὴν ἄκρη τοῦ διαδρόμου. Προχώρησε ἀργά. — Ὑπάρχει κανείς; φώναξε. Ἡ φωνή του ἀντήχησε στὸ ἄδειο σπίτι. Κανεὶς δὲν ἀπάντησε. Τότε πρόσεξε τὸ σῶμα ποὺ κειτόταν στὸ πάτωμα, δίπλα στὸ τζάκι. Ἦταν ὁ Τόμας Μπέρτον, ὁ ἰδιοκτήτης τοῦ σπιτιοῦ. Ἔσκυψε ἀπὸ πάνω του. Ἦταν νεκρός.

Ἡ τραγωδία ἄρχισε ἐκεῖνο τὸ βράδυ μὲ μιὰ μεγάλη βροχὴ ποὺ ἔπεφτε καὶ πνίγοταν ὁ δρόμος. Ἦταν ἑννιά ἡ ὥρα ἀκριβῶς ὅταν ὁ Φρανκ Γκάρντνερ ἐμφανίστηκε στὸ κατώφλι τοῦ σπιτιοῦ. Φοροῦσε ἕνα ἀδιάβροχο καὶ κρατοῦσε στὰ χέρια του ἕνα μικρὸ πακέτο. Χτύπησε τὴν πόρτα δύο φορὲς καὶ περίμενε. Κανεὶς δὲν ἀπάντησε. Ἡ ἡσυχία ἦταν ἀπόλυτη. Τότε ἔσπρωξε τὴν πόρτα καὶ μπῆκε μέσα. Τὸ σαλόνι ἦταν σκοτεινό. Μόνο ἕνα μικρὸ φῶς ἔκαιγε στὴν ἄκρη τοῦ διαδρόμου. Προχώρησε ἀργά. — Ὑπάρχει κανείς; φώναξε. Ἡ φωνή του ἀντήχησε στὸ ἄδειο σπίτι. Κανεὶς δὲν ἀπάντησε. Τότε πρόσεξε τὸ σῶμα ποὺ κειτόταν στὸ πάτωμα, δίπλα στὸ τζάκι. Ἦταν ὁ Τόμας Μπέρτον, ὁ ἰδιοκτήτης τοῦ σπιτιοῦ. Ἔσκυψε ἀπὸ πάνω του. Ἦταν νεκρός.

Ἡ τραγωδία ἄρχισε ἐκεῖνο τὸ βράδυ μὲ μιὰ μεγάλη βροχὴ ποὺ ἔπεφτε καὶ πνίγοταν ὁ δρόμος. Ἦταν ἑννιά ἡ ὥρα ἀκριβῶς ὅταν ὁ Φρανκ Γκάρντνερ ἐμφανίστηκε στὸ κατώφλι τοῦ σπιτιοῦ. Φοροῦσε ἕνα ἀδιάβροχο καὶ κρατοῦσε στὰ χέρια του ἕνα μικρὸ πακέτο. Χτύπησε τὴν πόρτα δύο φορὲς καὶ περίμενε. Κανεὶς δὲν ἀπάντησε. Ἡ ἡσυχία ἦταν ἀπόλυτη. Τότε ἔσπρωξε τὴν πόρτα καὶ μπῆκε μέσα. Τὸ σαλόνι ἦταν σκοτεινό. Μόνο ἕνα μικρὸ φῶς ἔκαιγε στὴν ἄκρη τοῦ διαδρόμου. Προχώρησε ἀργά. — Ὑπάρχει κανείς; φώναξε. Ἡ φωνή του ἀντήχησε στὸ ἄδειο σπίτι. Κανεὶς δὲν ἀπάντησε. Τότε πρόσεξε τὸ σῶμα ποὺ κειτόταν στὸ πάτωμα, δίπλα στὸ τζάκι. Ἦταν ὁ Τόμας Μπέρτον, ὁ ἰδιοκτήτης τοῦ σπιτιοῦ. Ἔσκυψε ἀπὸ πάνω του. Ἦταν νεκρός.

Ἡ τραγωδία ἄρχισε ἐκεῖνο τὸ βράδυ μὲ μιὰ μεγάλη βροχὴ ποὺ ἔπεφτε καὶ πνίγοταν ὁ δρόμος. Ἦταν ἑννιά ἡ ὥρα ἀκριβῶς ὅταν ὁ Φρανκ Γκάρντνερ ἐμφανίστηκε στὸ κατώφλι τοῦ σπιτιοῦ. Φοροῦσε ἕνα ἀδιάβροχο καὶ κρατοῦσε στὰ χέρια του ἕνα μικρὸ πακέτο. Χτύπησε τὴν πόρτα δύο φορὲς καὶ περίμενε. Κανεὶς δὲν ἀπάντησε. Ἡ ἡσυχία ἦταν ἀπόλυτη. Τότε ἔσπρωξε τὴν πόρτα καὶ μπῆκε μέσα. Τὸ σαλόνι ἦταν σκοτεινό. Μόνο ἕνα μικρὸ φῶς ἔκαιγε στὴν ἄκρη τοῦ διαδρόμου. Προχώρησε ἀργά. — Ὑπάρχει κανείς; φώναξε. Ἡ φωνή του ἀντήχησε στὸ ἄδειο σπίτι. Κανεὶς δὲν ἀπάντησε. Τότε πρόσεξε τὸ σῶμα ποὺ κειτόταν στὸ πάτωμα, δίπλα στὸ τζάκι. Ἦταν ὁ Τόμας Μπέρτον, ὁ ἰδιοκτήτης τοῦ σπιτιοῦ. Ἔσκυψε ἀπὸ πάνω του. Ἦταν νεκρός.

Ἡ τραγωδία ἄρχισε ἐκεῖνο τὸ βράδυ μὲ μιὰ μεγάλη βροχὴ ποὺ ἔπεφτε καὶ πνίγοταν ὁ δρόμος. Ἦταν ἑννιά ἡ ὥρα ἀκριβῶς ὅταν ὁ Φρανκ Γκάρντνερ ἐμφανίστηκε στὸ κατώφλι τοῦ σπιτιοῦ. Φοροῦσε ἕνα ἀδιάβροχο καὶ κρατοῦσε στὰ χέρια του ἕνα μικρὸ πακέτο. Χτύπησε τὴν πόρτα δύο φορὲς καὶ περίμενε. Κανεὶς δὲν ἀπάντησε. Ἡ ἡσυχία ἦταν ἀπόλυτη. Τότε ἔσπρωξε τὴν πόρτα καὶ μπῆκε μέσα. Τὸ σαλόνι ἦταν σκοτεινό. Μόνο ἕνα μικρὸ φῶς ἔκαιγε στὴν ἄκρη τοῦ διαδρόμου. Προχώρησε ἀργά. — Ὑπάρχει κανείς; φώναξε. Ἡ φωνή του ἀντήχησε στὸ ἄδειο σπίτι. Κανεὶς δὲν ἀπάντησε. Τότε πρόσεξε τὸ σῶμα ποὺ κειτόταν στὸ πάτωμα, δίπλα στὸ τζάκι. Ἦταν ὁ Τόμας Μπέρτον, ὁ ἰδιοκτήτης τοῦ σπιτιοῦ. Ἔσκυψε ἀπὸ πάνω του. Ἦταν νεκρός.

ΤΗΝ ΤΡΙΤΗΝ Ἡ συνέχεια
ΤΟ ΚΑΘΗΜΕΡΙΝΟ ΜΑΣ ΑΣΤΥΝΟΜΙΚΟ ΜΥΘΙΣΤΟΡΗΜΑ
ΤΟ ΧΑΟΣ
21ον

Ἦταν ἄρχισε ἀπὸ εἶχε ἕγινε ἕτσι καὶ ὁ κάθε ὁ δρόμος ἀπὸ ποὺ θὰ εἶναι. Ἔνα πράγμα τὸ ξέρω, πὼς θὰ ξανάρθει. Ὁ Φρέντ κοίταξε τὸ παράθυρο. Ἔξω ἡ βροχὴ ἔπεφτε ἀσταμάτητα. — Τί θὰ κάνουμε τώρα; ρώτησε ἡ Μαίρη. — Θὰ περιμένουμε, ἀπάντησε ἐκεῖνος. Δὲν ὑπάρχει ἄλλη λύση. Ὁ ἀστυνόμος θὰ ἔρθει τὸ πρωί. Ἡ Μαίρη κάθισε στὴν πολυθρόνα. Τὸ πρόσωπό της ἦταν χλωμό. Τὰ χέρια της ἔτρεμαν.

Ἡ νύχτα πέρασε ἀργά. Κανεὶς ἀπὸ τοὺς δύο δὲν κοιμήθηκε. Ὅταν ξημέρωσε, ἀκούστηκε τὸ κουδούνι τῆς πόρτας. Ἦταν ὁ ἐπιθεωρητὴς Κάθλεϋ μὲ δύο ἀστυφύλακες. — Καλημέρα σας, εἶπε. Ποὺ εἶναι τὸ πτῶμα; Ὁ Φρέντ τὸν ὁδήγησε στὸ σαλόνι. Ὁ ἐπιθεωρητὴς ἔσκυψε καὶ ἐξέτασε προσεκτικὰ τὸ σῶμα. — Πότε τὸν βρήκατε; — Χθὲς τὸ βράδυ, γύρω στὶς ἑννιά.

— Καὶ γιατί δὲν εἰδοποιήσατε ἀμέσως τὴν ἀστυνομία; Ὁ Φρέντ δίστασε. — Τὸ τηλέφωνο δὲν λειτουργοῦσε, εἶπε τελικά. Ὁ ἐπιθεωρητὴς τὸν κοίταξε καχύποπτα. Προχώρησε ὡς τὴ συσκευὴ καὶ σήκωσε τὸ ἀκουστικό. Λειτουργοῦσε κανονικά. — Παράξενο, μουρμούρισε. Τώρα δουλεύει μιὰ χαρά. Ἡ Μαίρη χλώμιασε ἀκόμα περισσότερο.

— Θὰ χρειαστεῖ νὰ ἔρθετε στὸ τμῆμα γιὰ κατάθεση, εἶπε ὁ Κάθλεϋ. Καὶ οἱ δύο. Ὁ Φρέντ ἔνευσε. Ἤξερε πὼς τὰ πράγματα θὰ γίνονταν δύσκολα. Κάποιος εἶχε στήσει μιὰ παγίδα καὶ αὐτοὶ εἶχαν πέσει μέσα. Ἔπρεπε νὰ βρεῖ τὸν ἀληθινὸ δολοφόνο πρὶν εἶναι ἀργά.

Ἦταν ἄρχισε ἀπὸ εἶχε ἕγινε ἕτσι καὶ ὁ κάθε ὁ δρόμος ἀπὸ ποὺ θὰ εἶναι. Ἔνα πράγμα τὸ ξέρω, πὼς θὰ ξανάρθει. Ὁ Φρέντ κοίταξε τὸ παράθυρο. Ἔξω ἡ βροχὴ ἔπεφτε ἀσταμάτητα. — Τί θὰ κάνουμε τώρα; ρώτησε ἡ Μαίρη. — Θὰ περιμένουμε, ἀπάντησε ἐκεῖνος. Δὲν ὑπάρχει ἄλλη λύση. Ὁ ἀστυνόμος θὰ ἔρθει τὸ πρωί. Ἡ Μαίρη κάθισε στὴν πολυθρόνα. Τὸ πρόσωπό της ἦταν χλωμό. Τὰ χέρια της ἔτρεμαν.

Ἡ νύχτα πέρασε ἀργά. Κανεὶς ἀπὸ τοὺς δύο δὲν κοιμήθηκε. Ὅταν ξημέρωσε, ἀκούστηκε τὸ κουδούνι τῆς πόρτας. Ἦταν ὁ ἐπιθεωρητὴς Κάθλεϋ μὲ δύο ἀστυφύλακες. — Καλημέρα σας, εἶπε. Ποὺ εἶναι τὸ πτῶμα; Ὁ Φρέντ τὸν ὁδήγησε στὸ σαλόνι. Ὁ ἐπιθεωρητὴς ἔσκυψε καὶ ἐξέτασε προσεκτικὰ τὸ σῶμα. — Πότε τὸν βρήκατε; — Χθὲς τὸ βράδυ, γύρω στὶς ἑννιά.

— Καὶ γιατί δὲν εἰδοποιήσατε ἀμέσως τὴν ἀστυνομία; Ὁ Φρέντ δίστασε. — Τὸ τηλέφωνο δὲν λειτουργοῦσε, εἶπε τελικά. Ὁ ἐπιθεωρητὴς τὸν κοίταξε καχύποπτα. Προχώρησε ὡς τὴ συσκευὴ καὶ σήκωσε τὸ ἀκουστικό. Λειτουργοῦσε κανονικά. — Παράξενο, μουρμούρισε. Τώρα δουλεύει μιὰ χαρά. Ἡ Μαίρη χλώμιασε ἀκόμα περισσότερο.

Ἡ νύχτα πέρασε ἀργά. Κανεὶς ἀπὸ τοὺς δύο δὲν κοιμήθηκε. Ὅταν ξημέρωσε, ἀκούστηκε τὸ κουδούνι τῆς πόρτας. Ἦταν ὁ ἐπιθεωρητὴς Κάθλεϋ μὲ δύο ἀστυφύλακες. — Καλημέρα σας, εἶπε. Ποὺ εἶναι τὸ πτῶμα; Ὁ Φρέντ τὸν ὁδήγησε στὸ σαλόνι. Ὁ ἐπιθεωρητὴς ἔσκυψε καὶ ἐξέτασε προσεκτικὰ τὸ σῶμα. — Πότε τὸν βρήκατε; — Χθὲς τὸ βράδυ, γύρω στὶς ἑννιά.

— Καὶ γιατί δὲν εἰδοποιήσατε ἀμέσως τὴν ἀστυνομία; Ὁ Φρέντ δίστασε. — Τὸ τηλέφωνο δὲν λειτουργοῦσε, εἶπε τελικά. Ὁ ἐπιθεωρητὴς τὸν κοίταξε καχύποπτα. Προχώρησε ὡς τὴ συσκευὴ καὶ σήκωσε τὸ ἀκουστικό. Λειτουργοῦσε κανονικά. — Παράξενο, μουρμούρισε. Τώρα δουλεύει μιὰ χαρά. Ἡ Μαίρη χλώμιασε ἀκόμα περισσότερο.

— Θὰ χρειαστεῖ νὰ ἔρθετε στὸ τμῆμα γιὰ κατάθεση, εἶπε ὁ Κάθλεϋ. Καὶ οἱ δύο. Ὁ Φρέντ ἔνευσε. Ἤξερε πὼς τὰ πράγματα θὰ γίνονταν δύσκολα. Κάποιος εἶχε στήσει μιὰ παγίδα καὶ αὐτοὶ εἶχαν πέσει μέσα. Ἔπρεπε νὰ βρεῖ τὸν ἀληθινὸ δολοφόνο πρὶν εἶναι ἀργά.

Ἦταν ἄρχισε ἀπὸ εἶχε ἕγινε ἕτσι καὶ ὁ κάθε ὁ δρόμος ἀπὸ ποὺ θὰ εἶναι. Ἔνα πράγμα τὸ ξέρω, πὼς θὰ ξανάρθει. Ὁ Φρέντ κοίταξε τὸ παράθυρο. Ἔξω ἡ βροχὴ ἔπεφτε ἀσταμάτητα. — Τί θὰ κάνουμε τώρα; ρώτησε ἡ Μαίρη. — Θὰ περιμένουμε, ἀπάντησε ἐκεῖνος. Δὲν ὑπάρχει ἄλλη λύση. Ὁ ἀστυνόμος θὰ ἔρθει τὸ πρωί. Ἡ Μαίρη κάθισε στὴν πολυθρόνα. Τὸ πρόσωπό της ἦταν χλωμό. Τὰ χέρια της ἔτρεμαν.

Ἡ νύχτα πέρασε ἀργά. Κανεὶς ἀπὸ τοὺς δύο δὲν κοιμήθηκε. Ὅταν ξημέρωσε, ἀκούστηκε τὸ κουδούνι τῆς πόρτας. Ἦταν ὁ ἐπιθεωρητὴς Κάθλεϋ μὲ δύο ἀστυφύλακες. — Καλημέρα σας, εἶπε. Ποὺ εἶναι τὸ πτῶμα; Ὁ Φρέντ τὸν ὁδήγησε στὸ σαλόνι. Ὁ ἐπιθεωρητὴς ἔσκυψε καὶ ἐξέτασε προσεκτικὰ τὸ σῶμα. — Πότε τὸν βρήκατε; — Χθὲς τὸ βράδυ, γύρω στὶς ἑννιά.

— Καὶ γιατί δὲν εἰδοποιήσατε ἀμέσως τὴν ἀστυνομία; Ὁ Φρέντ δίστασε. — Τὸ τηλέφωνο δὲν λειτουργοῦσε, εἶπε τελικά. Ὁ ἐπιθεωρητὴς τὸν κοίταξε καχύποπτα. Προχώρησε ὡς τὴ συσκευὴ καὶ σήκωσε τὸ ἀκουστικό. Λειτουργοῦσε κανονικά. — Παράξενο, μουρμούρισε. Τώρα δουλεύει μιὰ χαρά. Ἡ Μαίρη χλώμιασε ἀκόμα περισσότερο.

— Θὰ χρειαστεῖ νὰ ἔρθετε στὸ τμῆμα γιὰ κατάθεση, εἶπε ὁ Κάθλεϋ. Καὶ οἱ δύο. Ὁ Φρέντ ἔνευσε. Ἤξερε πὼς τὰ πράγματα θὰ γίνονταν δύσκολα. Κάποιος εἶχε στήσει μιὰ παγίδα καὶ αὐτοὶ εἶχαν πέσει μέσα. Ἔπρεπε νὰ βρεῖ τὸν ἀληθινὸ δολοφόνο πρὶν εἶναι ἀργά.

— Καὶ γιατί δὲν εἰδοποιήσατε ἀμέσως τὴν ἀστυνομία; Ὁ Φρέντ δίστασε. — Τὸ τηλέφωνο δὲν λειτουργοῦσε, εἶπε τελικά. Ὁ ἐπιθεωρητὴς τὸν κοίταξε καχύποπτα. Προχώρησε ὡς τὴ συσκευὴ καὶ σήκωσε τὸ ἀκουστικό. Λειτουργοῦσε κανονικά. — Παράξενο, μουρμούρισε. Τώρα δουλεύει μιὰ χαρά. Ἡ Μαίρη χλώμιασε ἀκόμα περισσότερο.

— Θὰ χρειαστεῖ νὰ ἔρθετε στὸ τμῆμα γιὰ κατάθεση, εἶπε ὁ Κάθλεϋ. Καὶ οἱ δύο. Ὁ Φρέντ ἔνευσε. Ἤξερε πὼς τὰ πράγματα θὰ γίνονταν δύσκολα. Κάποιος εἶχε στήσει μιὰ παγίδα καὶ αὐτοὶ εἶχαν πέσει μέσα. Ἔπρεπε νὰ βρεῖ τὸν ἀληθινὸ δολοφόνο πρὶν εἶναι ἀργά.

Ἦταν ἄρχισε ἀπὸ εἶχε ἕγινε ἕτσι καὶ ὁ κάθε ὁ δρόμος ἀπὸ ποὺ θὰ εἶναι. Ἔνα πράγμα τὸ ξέρω, πὼς θὰ ξανάρθει. Ὁ Φρέντ κοίταξε τὸ παράθυρο. Ἔξω ἡ βροχὴ ἔπεφτε ἀσταμάτητα. — Τί θὰ κάνουμε τώρα; ρώτησε ἡ Μαίρη. — Θὰ περιμένουμε, ἀπάντησε ἐκεῖνος. Δὲν ὑπάρχει ἄλλη λύση. Ὁ ἀστυνόμος θὰ ἔρθει τὸ πρωί. Ἡ Μαίρη κάθισε στὴν πολυθρόνα. Τὸ πρόσωπό της ἦταν χλωμό. Τὰ χέρια της ἔτρεμαν.

Ἡ νύχτα πέρασε ἀργά. Κανεὶς ἀπὸ τοὺς δύο δὲν κοιμήθηκε. Ὅταν ξημέρωσε, ἀκούστηκε τὸ κουδούνι τῆς πόρτας. Ἦταν ὁ ἐπιθεωρητὴς Κάθλεϋ μὲ δύο ἀστυφύλακες. — Καλημέρα σας, εἶπε. Ποὺ εἶναι τὸ πτῶμα; Ὁ Φρέντ τὸν ὁδήγησε στὸ σαλόνι. Ὁ ἐπιθεωρητὴς ἔσκυψε καὶ ἐξέτασε προσεκτικὰ τὸ σῶμα. — Πότε τὸν βρήκατε; — Χθὲς τὸ βράδυ, γύρω στὶς ἑννιά.

— Καὶ γιατί δὲν εἰδοποιήσατε ἀμέσως τὴν ἀστυνομία; Ὁ Φρέντ δίστασε. — Τὸ τηλέφωνο δὲν λειτουργοῦσε, εἶπε τελικά. Ὁ ἐπιθεωρητὴς τὸν κοίταξε καχύποπτα. Προχώρησε ὡς τὴ συσκευὴ καὶ σήκωσε τὸ ἀκουστικό. Λειτουργοῦσε κανονικά. — Παράξενο, μουρμούρισε. Τώρα δουλεύει μιὰ χαρά. Ἡ Μαίρη χλώμιασε ἀκόμα περισσότερο.

— Θὰ χρειαστεῖ νὰ ἔρθετε στὸ τμῆμα γιὰ κατάθεση, εἶπε ὁ Κάθλεϋ. Καὶ οἱ δύο. Ὁ Φρέντ ἔνευσε. Ἤξερε πὼς τὰ πράγματα θὰ γίνονταν δύσκολα. Κάποιος εἶχε στήσει μιὰ παγίδα καὶ αὐτοὶ εἶχαν πέσει μέσα. Ἔπρεπε νὰ βρεῖ τὸν ἀληθινὸ δολοφόνο πρὶν εἶναι ἀργά.

Ἦταν ἄρχισε ἀπὸ εἶχε ἕγινε ἕτσι καὶ ὁ κάθε ὁ δρόμος ἀπὸ ποὺ θὰ εἶναι. Ἔνα πράγμα τὸ ξέρω, πὼς θὰ ξανάρθει. Ὁ Φρέντ κοίταξε τὸ παράθυρο. Ἔξω ἡ βροχὴ ἔπεφτε ἀσταμάτητα. — Τί θὰ κάνουμε τώρα; ρώτησε ἡ Μαίρη. — Θὰ περιμένουμε, ἀπάντησε ἐκεῖνος. Δὲν ὑπάρχει ἄλλη λύση. Ὁ ἀστυνόμος θὰ ἔρθει τὸ πρωί. Ἡ Μαίρη κάθισε στὴν πολυθρόνα. Τὸ πρόσωπό της ἦταν χλωμό. Τὰ χέρια της ἔτρεμαν.

Ἡ νύχτα πέρασε ἀργά. Κανεὶς ἀπὸ τοὺς δύο δὲν κοιμήθηκε. Ὅταν ξημέρωσε, ἀκούστηκε τὸ κουδούνι τῆς πόρτας. Ἦταν ὁ ἐπιθεωρητὴς Κάθλεϋ μὲ δύο ἀστυφύλακες. — Καλημέρα σας, εἶπε. Ποὺ εἶναι τὸ πτῶμα; Ὁ Φρέντ τὸν ὁδήγησε στὸ σαλόνι. Ὁ ἐπιθεωρητὴς ἔσκυψε καὶ ἐξέτασε προσεκτικὰ τὸ σῶμα. — Πότε τὸν βρήκατε; — Χθὲς τὸ βράδυ, γύρω στὶς ἑννιά.

— Καὶ γιατί δὲν εἰδοποιήσατε ἀμέσως τὴν ἀστυνομία; Ὁ Φρέντ δίστασε. — Τὸ τηλέφωνο δὲν λειτουργοῦσε, εἶπε τελικά. Ὁ ἐπιθεωρητὴς τὸν κοίταξε καχύποπτα. Προχώρησε ὡς τὴ συσκευὴ καὶ σήκωσε τὸ ἀκουστικό. Λειτουργοῦσε κανονικά. — Παράξενο, μουρμούρισε. Τώρα δουλεύει μιὰ χαρά. Ἡ Μαίρη χλώμιασε ἀκόμα περισσότερο.

ΤΗΝ ΤΡΙΤΗΝ Ἡ συνέχεια

— Θὰ χρειαστεῖ νὰ ἔρθετε στὸ τμῆμα γιὰ κατάθεση, εἶπε ὁ Κάθλεϋ. Καὶ οἱ δύο. Ὁ Φρέντ ἔνευσε. Ἤξερε πὼς τὰ πράγματα θὰ γίνονταν δύσκολα. Κάποιος εἶχε στήσει μιὰ παγίδα καὶ αὐτοὶ εἶχαν πέσει μέσα. Ἔπρεπε νὰ βρεῖ τὸν ἀληθινὸ δολοφόνο πρὶν εἶναι ἀργά.

Ἦταν ἄρχισε ἀπὸ εἶχε ἕγινε ἕτσι καὶ ὁ κάθε ὁ δρόμος ἀπὸ ποὺ θὰ εἶναι. Ἔνα πράγμα τὸ ξέρω, πὼς θὰ ξανάρθει. Ὁ Φρέντ κοίταξε τὸ παράθυρο. Ἔξω ἡ βροχὴ ἔπεφτε ἀσταμάτητα. — Τί θὰ κάνουμε τώρα; ρώτησε ἡ Μαίρη. — Θὰ περιμένουμε, ἀπάντησε ἐκεῖνος. Δὲν ὑπάρχει ἄλλη λύση. Ὁ ἀστυνόμος θὰ ἔρθει τὸ πρωί. Ἡ Μαίρη κάθισε στὴν πολυθρόνα. Τὸ πρόσωπό της ἦταν χλωμό. Τὰ χέρια της ἔτρεμαν.

Ἡ νύχτα πέρασε ἀργά. Κανεὶς ἀπὸ τοὺς δύο δὲν κοιμήθηκε. Ὅταν ξημέρωσε, ἀκούστηκε τὸ κουδούνι τῆς πόρτας. Ἦταν ὁ ἐπιθεωρητὴς Κάθλεϋ μὲ δύο ἀστυφύλακες. — Καλημέρα σας, εἶπε. Ποὺ εἶναι τὸ πτῶμα; Ὁ Φρέντ τὸν ὁδήγησε στὸ σαλόνι. Ὁ ἐπιθεωρητὴς ἔσκυψε καὶ ἐξέτασε προσεκτικὰ τὸ σῶμα. — Πότε τὸν βρήκατε; — Χθὲς τὸ βράδυ, γύρω στὶς ἑννιά.

— Καὶ γιατί δὲν εἰδοποιήσατε ἀμέσως τὴν ἀστυνομία; Ὁ Φρέντ δίστασε. — Τὸ τηλέφωνο δὲν λειτουργοῦσε, εἶπε τελικά. Ὁ ἐπιθεωρητὴς τὸν κοίταξε καχύποπτα. Προχώρησε ὡς τὴ συσκευὴ καὶ σήκωσε τὸ ἀκουστικό. Λειτουργοῦσε κανονικά. — Παράξενο, μουρμούρισε. Τώρα δουλεύει μιὰ χαρά. Ἡ Μαίρη χλώμιασε ἀκόμα περισσότερο.

— Θὰ χρειαστεῖ νὰ ἔρθετε στὸ τμῆμα γιὰ κατάθεση, εἶπε ὁ Κάθλεϋ. Καὶ οἱ δύο. Ὁ Φρέντ ἔνευσε. Ἤξερε πὼς τὰ πράγματα θὰ γίνονταν δύσκολα. Κάποιος εἶχε στήσει μιὰ παγίδα καὶ αὐτοὶ εἶχαν πέσει μέσα. Ἔπρεπε νὰ βρεῖ τὸν ἀληθινὸ δολοφόνο πρὶν εἶναι ἀργά.

Ἦταν ἄρχισε ἀπὸ εἶχε ἕγινε ἕτσι καὶ ὁ κάθε ὁ δρόμος ἀπὸ ποὺ θὰ εἶναι. Ἔνα πράγμα τὸ ξέρω, πὼς θὰ ξανάρθει. Ὁ Φρέντ κοίταξε τὸ παράθυρο. Ἔξω ἡ βροχὴ ἔπεφτε ἀσταμάτητα. — Τί θὰ κάνουμε τώρα; ρώτησε ἡ Μαίρη. — Θὰ περιμένουμε, ἀπάντησε ἐκεῖνος. Δὲν ὑπάρχει ἄλλη λύση. Ὁ ἀστυνόμος θὰ ἔρθει τὸ πρωί. Ἡ Μαίρη κάθισε στὴν πολυθρόνα. Τὸ πρόσωπό της ἦταν χλωμό. Τὰ χέρια της ἔτρεμαν.

Ἡ νύχτα πέρασε ἀργά. Κανεὶς ἀπὸ τοὺς δύο δὲν κοιμήθηκε. Ὅταν ξημέρωσε, ἀκούστηκε τὸ κουδούνι τῆς πόρτας. Ἦταν ὁ ἐπιθεωρητὴς Κάθλεϋ μὲ δύο ἀστυφύλακες. — Καλημέρα σας, εἶπε. Ποὺ εἶναι τὸ πτῶμα; Ὁ Φρέντ τὸν ὁδήγησε στὸ σαλόνι. Ὁ ἐπιθεωρητὴς ἔσκυψε καὶ ἐξέτασε προσεκτικὰ τὸ σῶμα. — Πότε τὸν βρήκατε; — Χθὲς τὸ βράδυ, γύρω στὶς ἑννιά.

— Καὶ γιατί δὲν εἰδοποιήσατε ἀμέσως τὴν ἀστυνομία; Ὁ Φρέντ δίστασε. — Τὸ τηλέφωνο δὲν λειτουργοῦσε, εἶπε τελικά. Ὁ ἐπιθεωρητὴς τὸν κοίταξε καχύποπτα. Προχώρησε ὡς τὴ συσκευὴ καὶ σήκωσε τὸ ἀκουστικό. Λειτουργοῦσε κανονικά. — Παράξενο, μουρμούρισε. Τώρα δουλεύει μιὰ χαρά. Ἡ Μαίρη χλώμιασε ἀκόμα περισσότερο.
